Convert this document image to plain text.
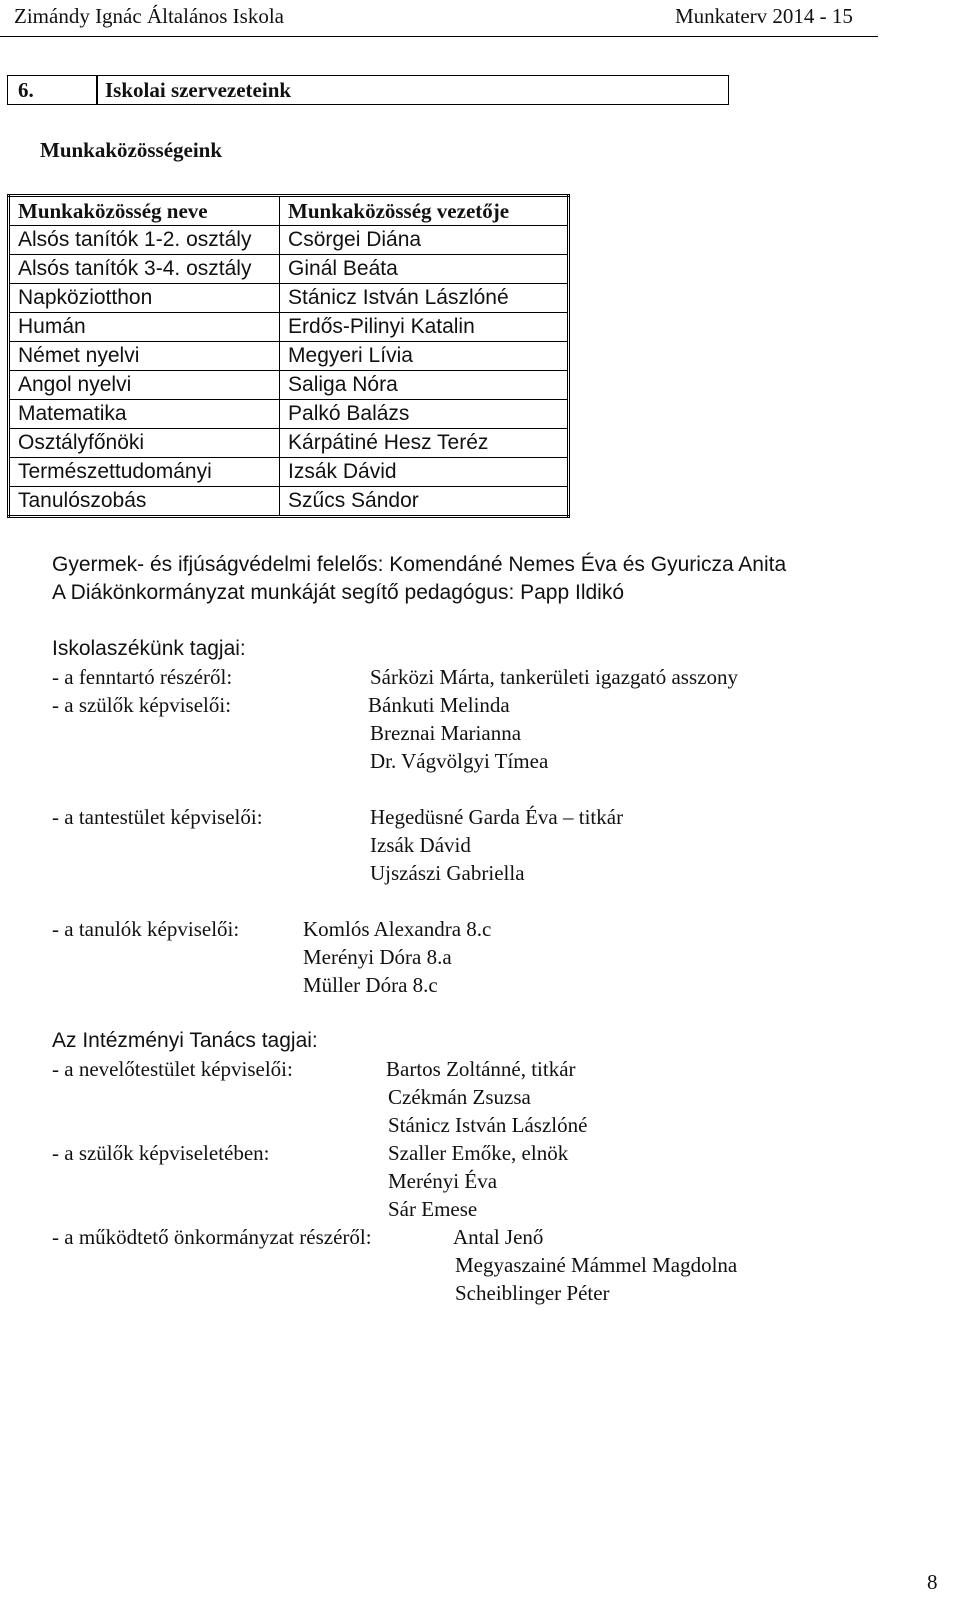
Zimándy Ignác Általános Iskola	Munkaterv 2014 - 15
6.	Iskolai szervezeteink
Munkaközösségeink
Munkaközösség neve	Munkaközösség vezetője
Alsós tanítók 1-2. osztály	Csörgei Diána
Alsós tanítók 3-4. osztály	Ginál Beáta
Napköziotthon	Stánicz István Lászlóné
Humán	Erdős-Pilinyi Katalin
Német nyelvi	Megyeri Lívia
Angol nyelvi	Saliga Nóra
Matematika	Palkó Balázs
Osztályfőnöki	Kárpátiné Hesz Teréz
Természettudományi	Izsák Dávid
Tanulószobás	Szűcs Sándor
Gyermek- és ifjúságvédelmi felelős: Komendáné Nemes Éva és Gyuricza Anita
A Diákönkormányzat munkáját segítő pedagógus: Papp Ildikó
Iskolaszékünk tagjai:
- a fenntartó részéről:	Sárközi Márta, tankerületi igazgató asszony
- a szülők képviselői:	Bánkuti Melinda
Breznai Marianna
Dr. Vágvölgyi Tímea
- a tantestület képviselői:	Hegedüsné Garda Éva – titkár
Izsák Dávid
Ujszászi Gabriella
- a tanulók képviselői:	Komlós Alexandra 8.c
Merényi Dóra 8.a
Müller Dóra 8.c
Az Intézményi Tanács tagjai:
- a nevelőtestület képviselői:	Bartos Zoltánné, titkár
Czékmán Zsuzsa
Stánicz István Lászlóné
- a szülők képviseletében:	Szaller Emőke, elnök
Merényi Éva
Sár Emese
- a működtető önkormányzat részéről:	Antal Jenő
Megyaszainé Mámmel Magdolna
Scheiblinger Péter
8
